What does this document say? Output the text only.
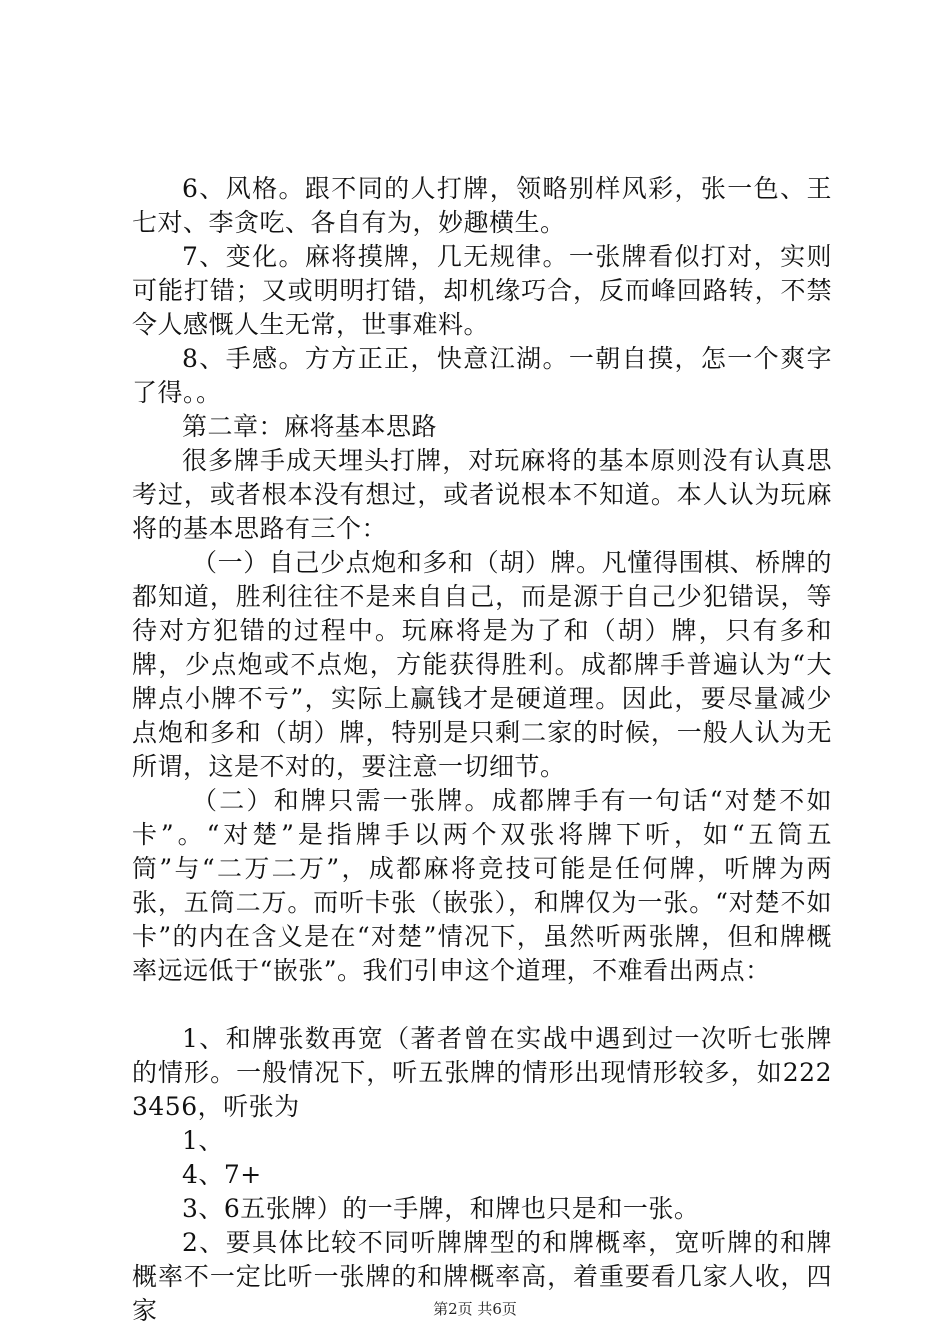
6、风格。跟不同的人打牌，领略别样风彩，张一色、王七对、李贪吃、各自有为，妙趣横生。

7、变化。麻将摸牌，几无规律。一张牌看似打对，实则可能打错；又或明明打错，却机缘巧合，反而峰回路转，不禁令人感慨人生无常，世事难料。

8、手感。方方正正，快意江湖。一朝自摸，怎一个爽字了得。。

第二章：麻将基本思路

很多牌手成天埋头打牌，对玩麻将的基本原则没有认真思考过，或者根本没有想过，或者说根本不知道。本人认为玩麻将的基本思路有三个：

（一）自己少点炮和多和（胡）牌。凡懂得围棋、桥牌的都知道，胜利往往不是来自自己，而是源于自己少犯错误，等待对方犯错的过程中。玩麻将是为了和（胡）牌，只有多和牌，少点炮或不点炮，方能获得胜利。成都牌手普遍认为“大牌点小牌不亏”，实际上赢钱才是硬道理。因此，要尽量减少点炮和多和（胡）牌，特别是只剩二家的时候，一般人认为无所谓，这是不对的，要注意一切细节。

（二）和牌只需一张牌。成都牌手有一句话“对楚不如卡”。“对楚”是指牌手以两个双张将牌下听，如“五筒五筒”与“二万二万”，成都麻将竞技可能是任何牌，听牌为两张，五筒二万。而听卡张（嵌张），和牌仅为一张。“对楚不如卡”的内在含义是在“对楚”情况下，虽然听两张牌，但和牌概率远远低于“嵌张”。我们引申这个道理，不难看出两点：

1、和牌张数再宽（著者曾在实战中遇到过一次听七张牌的情形。一般情况下，听五张牌的情形出现情形较多，如2223456，听张为

1、

4、7+

3、6五张牌）的一手牌，和牌也只是和一张。

2、要具体比较不同听牌牌型的和牌概率，宽听牌的和牌概率不一定比听一张牌的和牌概率高，着重要看几家人收，四家	第2页 共6页
